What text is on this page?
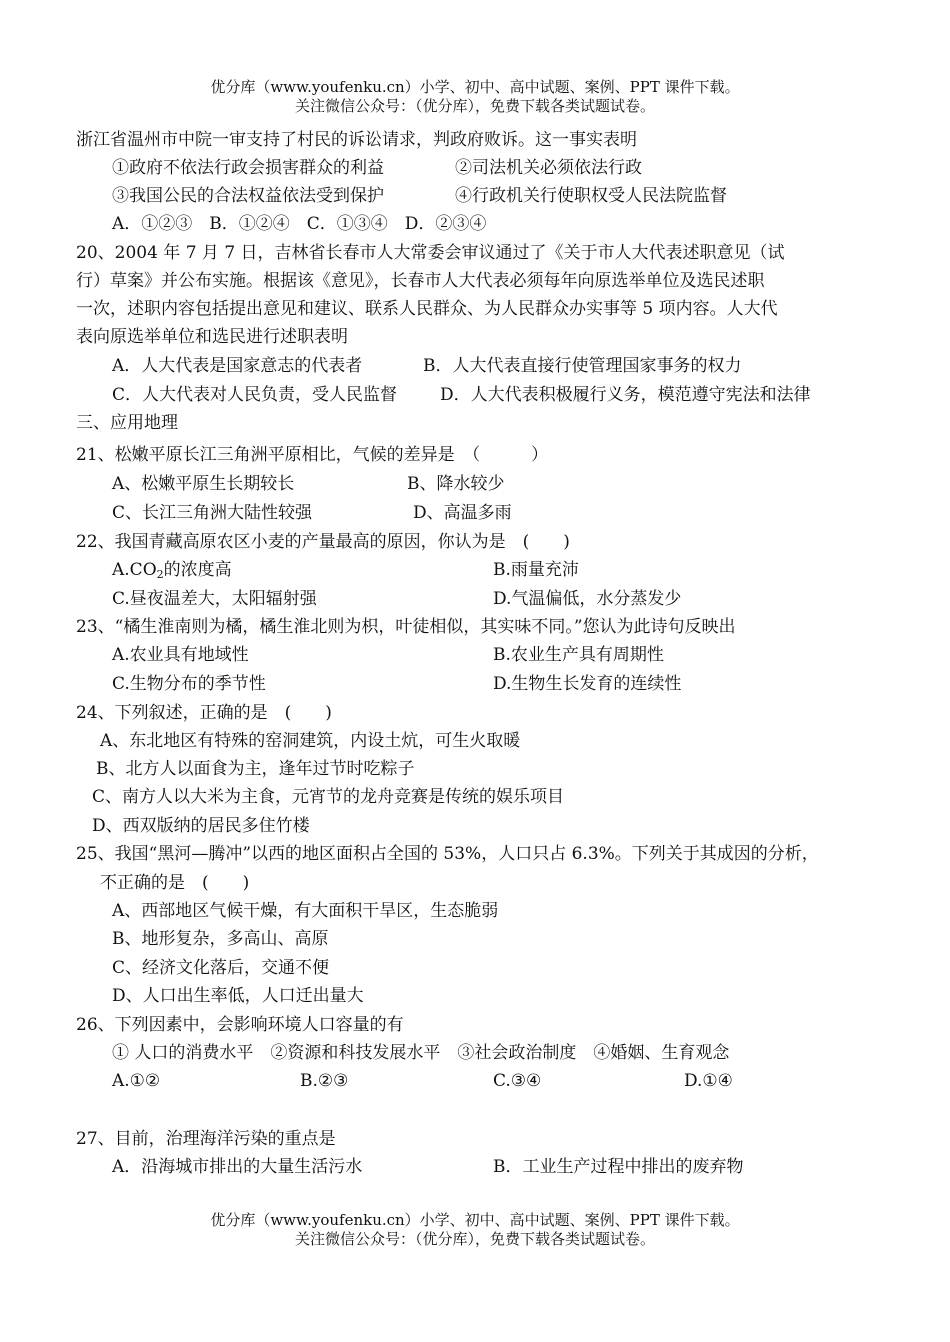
优分库（www.youfenku.cn）小学、初中、高中试题、案例、PPT 课件下载。
关注微信公众号：（优分库），免费下载各类试题试卷。
浙江省温州市中院一审支持了村民的诉讼请求，判政府败诉。这一事实表明
①政府不依法行政会损害群众的利益	②司法机关必须依法行政
③我国公民的合法权益依法受到保护	④行政机关行使职权受人民法院监督
A．①②③　B．①②④　C．①③④　D．②③④
20、2004 年 7 月 7 日，吉林省长春市人大常委会审议通过了《关于市人大代表述职意见（试
行）草案》并公布实施。根据该《意见》，长春市人大代表必须每年向原选举单位及选民述职
一次，述职内容包括提出意见和建议、联系人民群众、为人民群众办实事等 5 项内容。人大代
表向原选举单位和选民进行述职表明
A．人大代表是国家意志的代表者	B．人大代表直接行使管理国家事务的权力
C．人大代表对人民负责，受人民监督	D．人大代表积极履行义务，模范遵守宪法和法律
三、应用地理
21、松嫩平原长江三角洲平原相比，气候的差异是　（　　　）
A、松嫩平原生长期较长	B、降水较少
C、长江三角洲大陆性较强	D、高温多雨
22、我国青藏高原农区小麦的产量最高的原因，你认为是　(　　)
$A.CO_2$的浓度高	B.雨量充沛
C.昼夜温差大，太阳辐射强	D.气温偏低，水分蒸发少
23、“橘生淮南则为橘，橘生淮北则为枳，叶徒相似，其实味不同。”您认为此诗句反映出
A.农业具有地域性	B.农业生产具有周期性
C.生物分布的季节性	D.生物生长发育的连续性
24、下列叙述，正确的是　(　　)
A、东北地区有特殊的窑洞建筑，内设土炕，可生火取暖
B、北方人以面食为主，逢年过节时吃粽子
C、南方人以大米为主食，元宵节的龙舟竞赛是传统的娱乐项目
D、西双版纳的居民多住竹楼
25、我国“黑河—腾冲”以西的地区面积占全国的 53%，人口只占 6.3%。下列关于其成因的分析，
不正确的是　(　　)
A、西部地区气候干燥，有大面积干旱区，生态脆弱
B、地形复杂，多高山、高原
C、经济文化落后，交通不便
D、人口出生率低，人口迁出量大
26、下列因素中，会影响环境人口容量的有
① 人口的消费水平　②资源和科技发展水平　③社会政治制度　④婚姻、生育观念
A.①②	B.②③	C.③④	D.①④
27、目前，治理海洋污染的重点是
A．沿海城市排出的大量生活污水	B．工业生产过程中排出的废弃物
优分库（www.youfenku.cn）小学、初中、高中试题、案例、PPT 课件下载。
关注微信公众号：（优分库），免费下载各类试题试卷。
